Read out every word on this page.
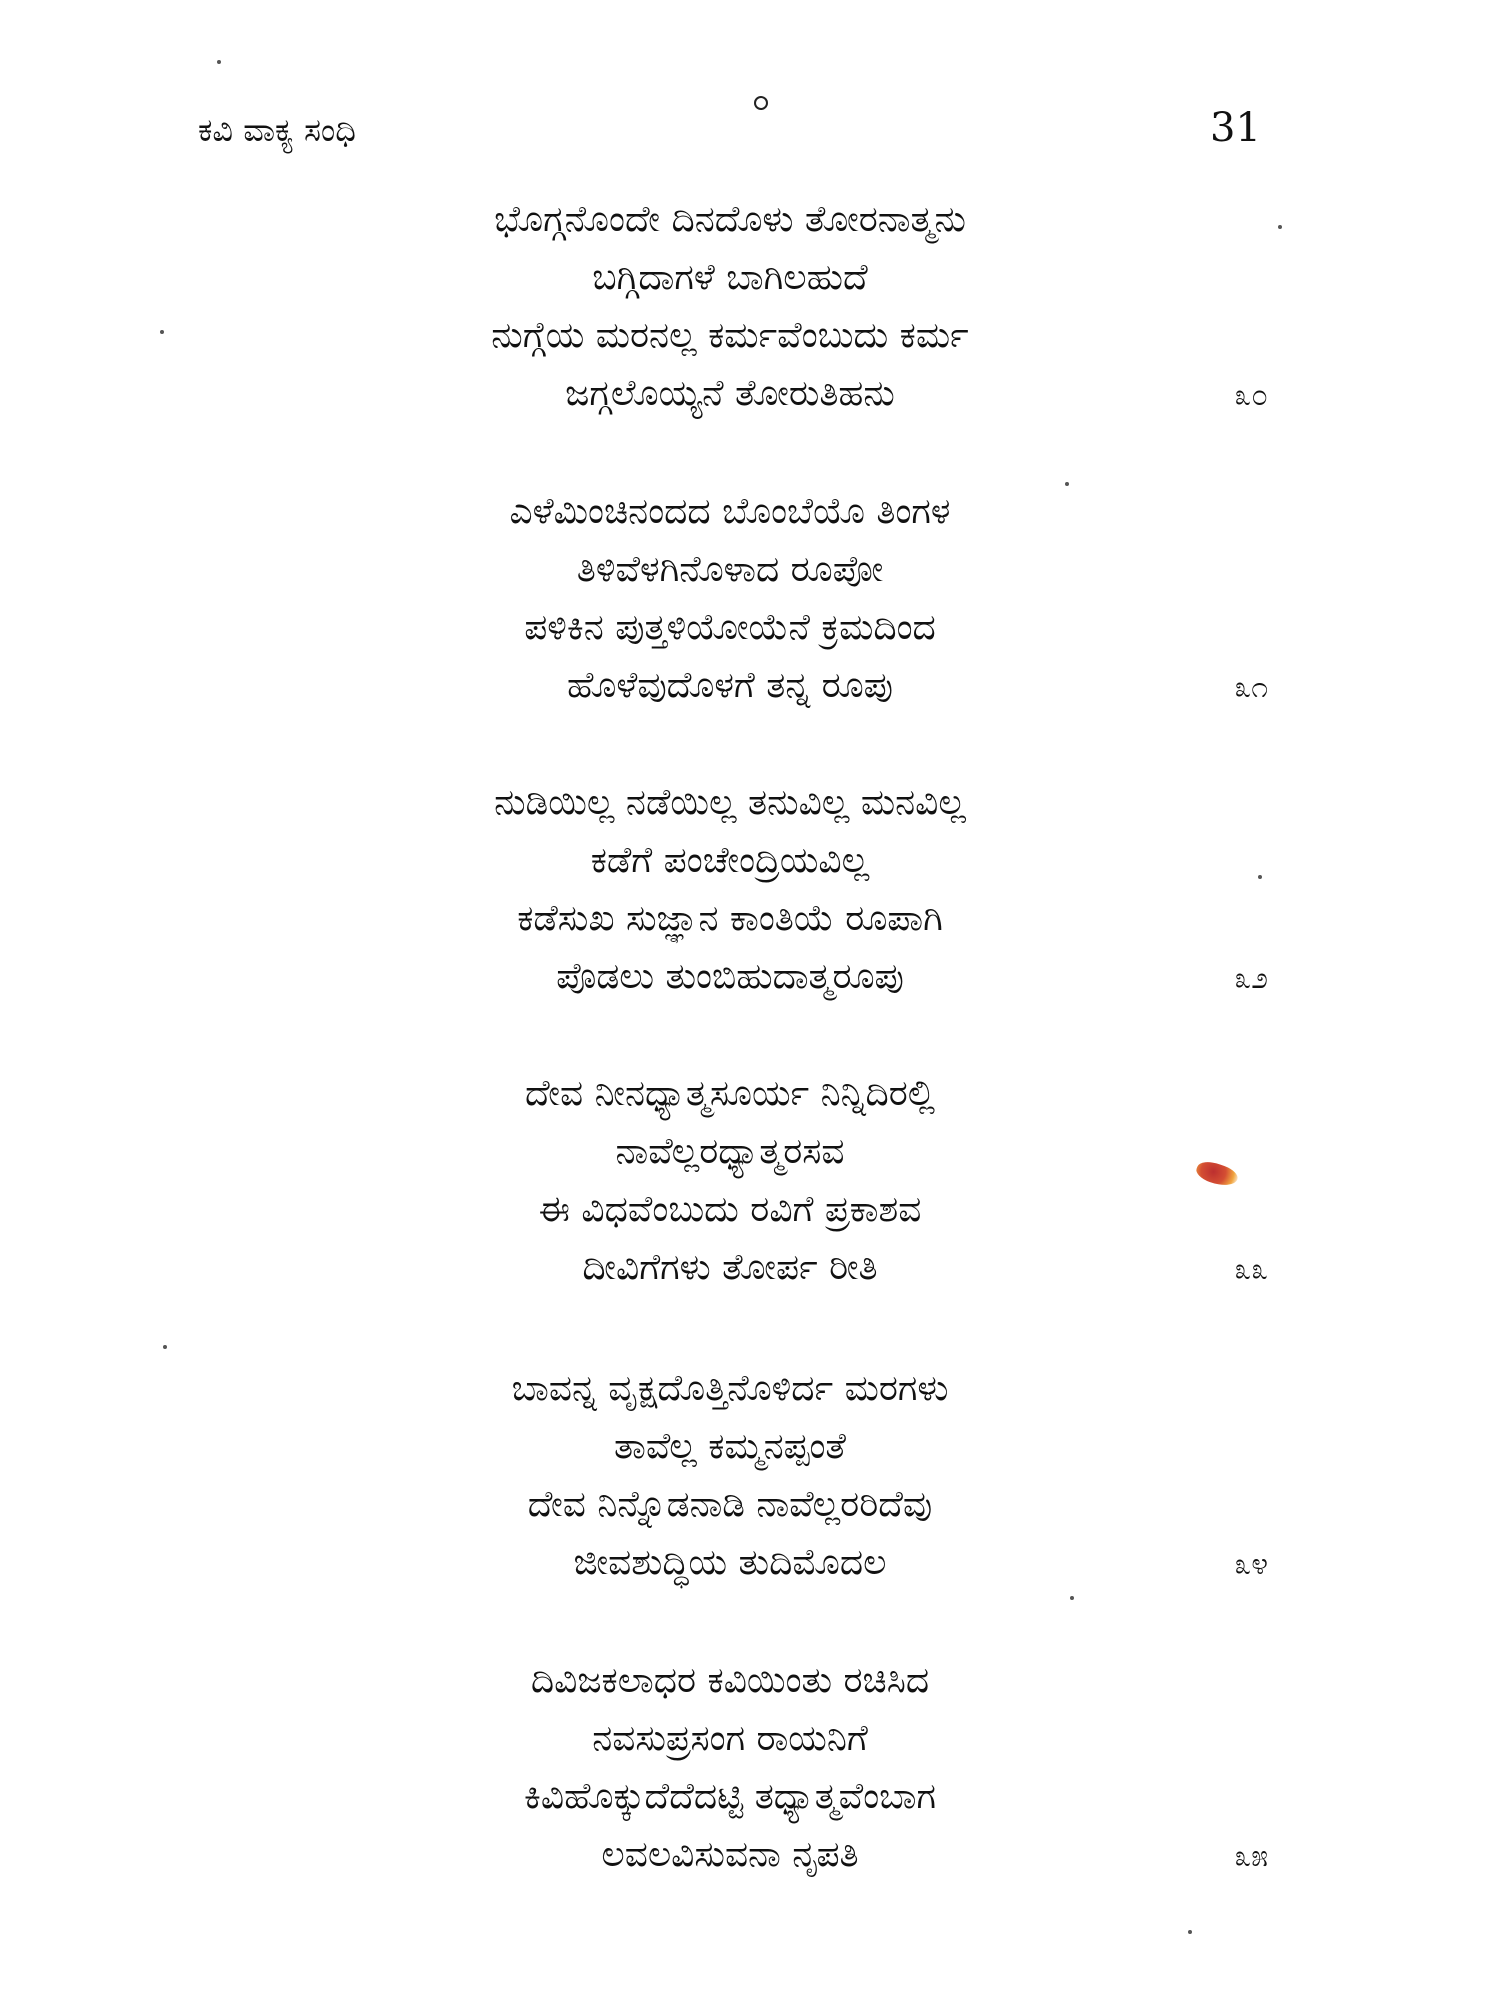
ಕವಿ ವಾಕ್ಯ ಸಂಧಿ	31
ಭೊಗ್ಗನೊಂದೇ ದಿನದೊಳು ತೋರನಾತ್ಮನು
ಬಗ್ಗಿದಾಗಳೆ ಬಾಗಿಲಹುದೆ
ನುಗ್ಗೆಯ ಮರನಲ್ಲ ಕರ್ಮವೆಂಬುದು ಕರ್ಮ
ಜಗ್ಗಲೊಯ್ಯನೆ ತೋರುತಿಹನು	೩೦
ಎಳೆಮಿಂಚಿನಂದದ ಬೊಂಬೆಯೊ ತಿಂಗಳ
ತಿಳಿವೆಳಗಿನೊಳಾದ ರೂಪೋ
ಪಳಿಕಿನ ಪುತ್ತಳಿಯೋಯೆನೆ ಕ್ರಮದಿಂದ
ಹೊಳೆವುದೊಳಗೆ ತನ್ನ ರೂಪು	೩೧
ನುಡಿಯಿಲ್ಲ ನಡೆಯಿಲ್ಲ ತನುವಿಲ್ಲ ಮನವಿಲ್ಲ
ಕಡೆಗೆ ಪಂಚೇಂದ್ರಿಯವಿಲ್ಲ
ಕಡೆಸುಖ ಸುಜ್ಞಾನ ಕಾಂತಿಯೆ ರೂಪಾಗಿ
ಪೊಡಲು ತುಂಬಿಹುದಾತ್ಮರೂಪು	೩೨
ದೇವ ನೀನಧ್ಯಾತ್ಮಸೂರ್ಯ ನಿನ್ನಿದಿರಲ್ಲಿ
ನಾವೆಲ್ಲರಧ್ಯಾತ್ಮರಸವ
ಈ ವಿಧವೆಂಬುದು ರವಿಗೆ ಪ್ರಕಾಶವ
ದೀವಿಗೆಗಳು ತೋರ್ಪ ರೀತಿ	೩೩
ಬಾವನ್ನ ವೃಕ್ಷದೊತ್ತಿನೊಳಿರ್ದ ಮರಗಳು
ತಾವೆಲ್ಲ ಕಮ್ಮನಪ್ಪಂತೆ
ದೇವ ನಿನ್ನೊಡನಾಡಿ ನಾವೆಲ್ಲರರಿದೆವು
ಜೀವಶುದ್ಧಿಯ ತುದಿಮೊದಲ	೩೪
ದಿವಿಜಕಲಾಧರ ಕವಿಯಿಂತು ರಚಿಸಿದ
ನವಸುಪ್ರಸಂಗ ರಾಯನಿಗೆ
ಕಿವಿಹೊಕ್ಕುದೆದೆದಟ್ಟಿ ತಧ್ಯಾತ್ಮವೆಂಬಾಗ
ಲವಲವಿಸುವನಾ ನೃಪತಿ	೩೫
